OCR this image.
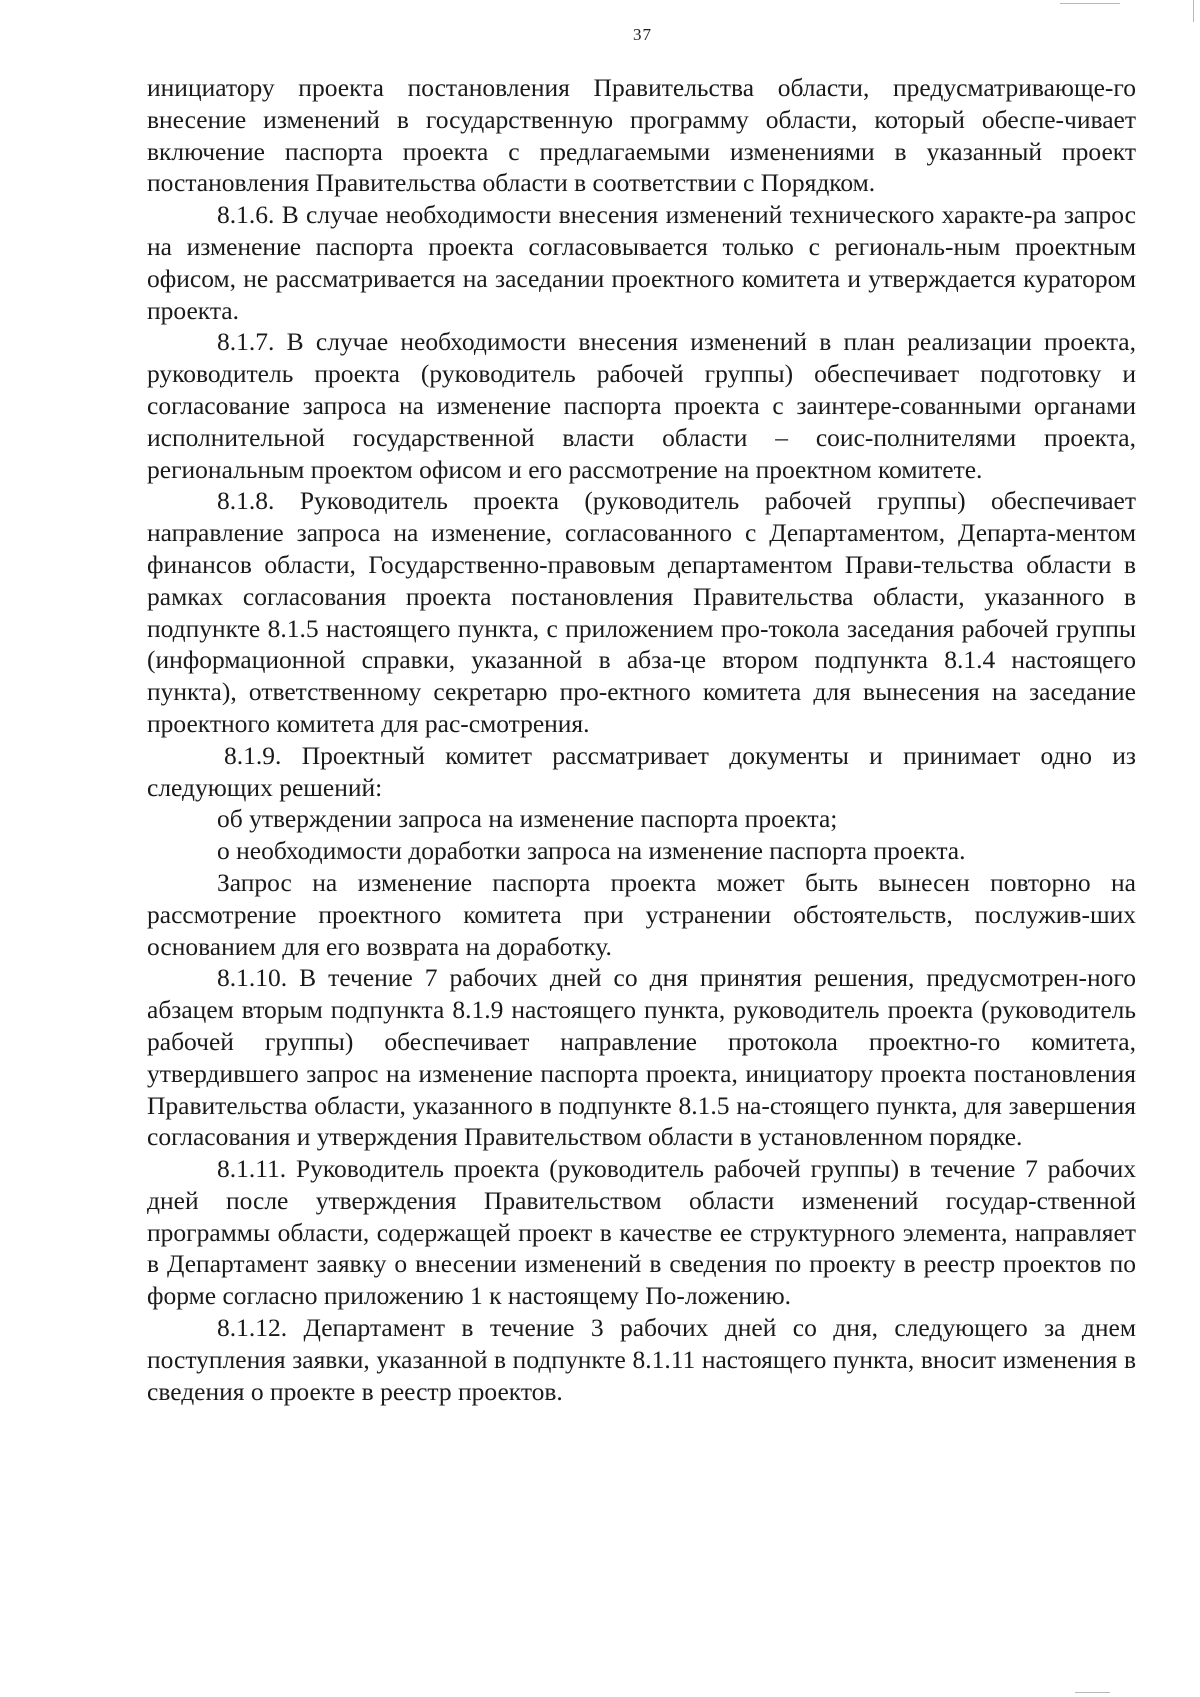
37

инициатору проекта постановления Правительства области, предусматривающе-го внесение изменений в государственную программу области, который обеспе-чивает включение паспорта проекта с предлагаемыми изменениями в указанный проект постановления Правительства области в соответствии с Порядком.

8.1.6. В случае необходимости внесения изменений технического характе-ра запрос на изменение паспорта проекта согласовывается только с региональ-ным проектным офисом, не рассматривается на заседании проектного комитета и утверждается куратором проекта.

8.1.7. В случае необходимости внесения изменений в план реализации проекта, руководитель проекта (руководитель рабочей группы) обеспечивает подготовку и согласование запроса на изменение паспорта проекта с заинтере-сованными органами исполнительной государственной власти области – соис-полнителями проекта, региональным проектом офисом и его рассмотрение на проектном комитете.

8.1.8. Руководитель проекта (руководитель рабочей группы) обеспечивает направление запроса на изменение, согласованного с Департаментом, Департа-ментом финансов области, Государственно-правовым департаментом Прави-тельства области в рамках согласования проекта постановления Правительства области, указанного в подпункте 8.1.5 настоящего пункта, с приложением про-токола заседания рабочей группы (информационной справки, указанной в абза-це втором подпункта 8.1.4 настоящего пункта), ответственному секретарю про-ектного комитета для вынесения на заседание проектного комитета для рас-смотрения.

8.1.9. Проектный комитет рассматривает документы и принимает одно из следующих решений:

об утверждении запроса на изменение паспорта проекта;

о необходимости доработки запроса на изменение паспорта проекта.

Запрос на изменение паспорта проекта может быть вынесен повторно на рассмотрение проектного комитета при устранении обстоятельств, послужив-ших основанием для его возврата на доработку.

8.1.10. В течение 7 рабочих дней со дня принятия решения, предусмотрен-ного абзацем вторым подпункта 8.1.9 настоящего пункта, руководитель проекта (руководитель рабочей группы) обеспечивает направление протокола проектно-го комитета, утвердившего запрос на изменение паспорта проекта, инициатору проекта постановления Правительства области, указанного в подпункте 8.1.5 на-стоящего пункта, для завершения согласования и утверждения Правительством области в установленном порядке.

8.1.11. Руководитель проекта (руководитель рабочей группы) в течение 7 рабочих дней после утверждения Правительством области изменений государ-ственной программы области, содержащей проект в качестве ее структурного элемента, направляет в Департамент заявку о внесении изменений в сведения по проекту в реестр проектов по форме согласно приложению 1 к настоящему По-ложению.

8.1.12. Департамент в течение 3 рабочих дней со дня, следующего за днем поступления заявки, указанной в подпункте 8.1.11 настоящего пункта, вносит изменения в сведения о проекте в реестр проектов.
